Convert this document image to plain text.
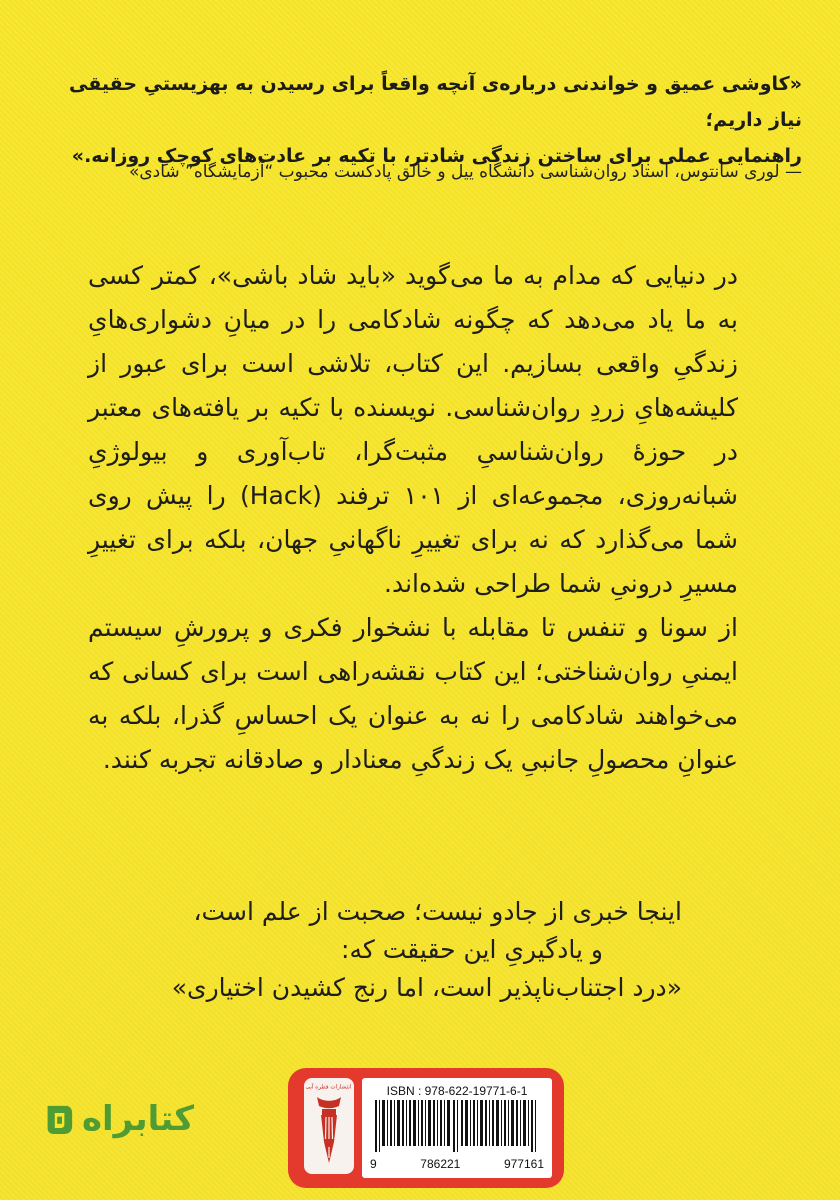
«کاوشی عمیق و خواندنی درباره‌ی آنچه واقعاً برای رسیدن به بهزیستیِ حقیقی نیاز داریم؛
راهنمایی عملی برای ساختن زندگی شادتر، با تکیه بر عادت‌های کوچکِ روزانه.»
— لوری سانتوس، استاد روان‌شناسی دانشگاه ییل و خالق پادکست محبوب “آزمایشگاه” شادی»

در دنیایی که مدام به ما می‌گوید «باید شاد باشی»، کمتر کسی به ما یاد می‌دهد که چگونه شادکامی را در میانِ دشواری‌هایِ زندگیِ واقعی بسازیم. این کتاب، تلاشی است برای عبور از کلیشه‌هایِ زردِ روان‌شناسی. نویسنده با تکیه بر یافته‌های معتبر در حوزهٔ روان‌شناسیِ مثبت‌گرا، تاب‌آوری و بیولوژیِ شبانه‌روزی، مجموعه‌ای از ۱۰۱ ترفند (Hack) را پیش روی شما می‌گذارد که نه برای تغییرِ ناگهانیِ جهان، بلکه برای تغییرِ مسیرِ درونیِ شما طراحی شده‌اند.

از سونا و تنفس تا مقابله با نشخوار فکری و پرورشِ سیستم ایمنیِ روان‌شناختی؛ این کتاب نقشه‌راهی است برای کسانی که می‌خواهند شادکامی را نه به عنوان یک احساسِ گذرا، بلکه به عنوانِ محصولِ جانبیِ یک زندگیِ معنادار و صادقانه تجربه کنند.

اینجا خبری از جادو نیست؛ صحبت از علم است،
و یادگیریِ این حقیقت که:
«درد اجتناب‌ناپذیر است، اما رنج کشیدن اختیاری»
انتشارات قطره آبی	ISBN : 978-622-19771-6-1
9	786221	977161
کتابراه
